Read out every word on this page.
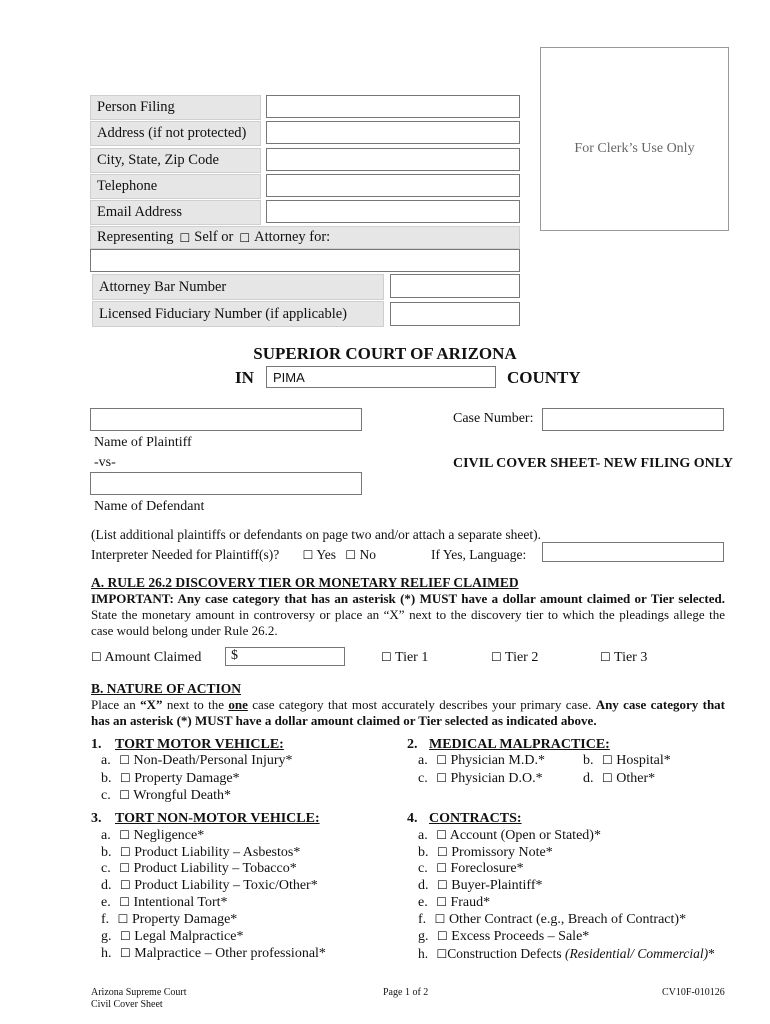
For Clerk’s Use Only
Person Filing
Address (if not protected)
City, State, Zip Code
Telephone
Email Address
Representing ☐ Self or ☐ Attorney for:
Attorney Bar Number
Licensed Fiduciary Number (if applicable)
SUPERIOR COURT OF ARIZONA
IN	PIMA	COUNTY
Name of Plaintiff
-vs-
Name of Defendant
Case Number:
CIVIL COVER SHEET- NEW FILING ONLY
(List additional plaintiffs or defendants on page two and/or attach a separate sheet).
Interpreter Needed for Plaintiff(s)? ☐ Yes ☐ No	If Yes, Language:
A. RULE 26.2 DISCOVERY TIER OR MONETARY RELIEF CLAIMED
IMPORTANT: Any case category that has an asterisk (*) MUST have a dollar amount claimed or Tier selected. State the monetary amount in controversy or place an “X” next to the discovery tier to which the pleadings allege the case would belong under Rule 26.2.
☐ Amount Claimed	$	☐ Tier 1	☐ Tier 2	☐ Tier 3
B. NATURE OF ACTION
Place an “X” next to the one case category that most accurately describes your primary case. Any case category that has an asterisk (*) MUST have a dollar amount claimed or Tier selected as indicated above.
1. TORT MOTOR VEHICLE:
a. ☐ Non-Death/Personal Injury*
b. ☐ Property Damage*
c. ☐ Wrongful Death*
2. MEDICAL MALPRACTICE:
a. ☐ Physician M.D.*	b. ☐ Hospital*
c. ☐ Physician D.O.*	d. ☐ Other*
3. TORT NON-MOTOR VEHICLE:
a. ☐ Negligence*
b. ☐ Product Liability – Asbestos*
c. ☐ Product Liability – Tobacco*
d. ☐ Product Liability – Toxic/Other*
e. ☐ Intentional Tort*
f. ☐ Property Damage*
g. ☐ Legal Malpractice*
h. ☐ Malpractice – Other professional*
4. CONTRACTS:
a. ☐ Account (Open or Stated)*
b. ☐ Promissory Note*
c. ☐ Foreclosure*
d. ☐ Buyer-Plaintiff*
e. ☐ Fraud*
f. ☐ Other Contract (e.g., Breach of Contract)*
g. ☐ Excess Proceeds – Sale*
h. ☐Construction Defects (Residential/ Commercial)*
Arizona Supreme Court
Civil Cover Sheet
Page 1 of 2	CV10F-010126
